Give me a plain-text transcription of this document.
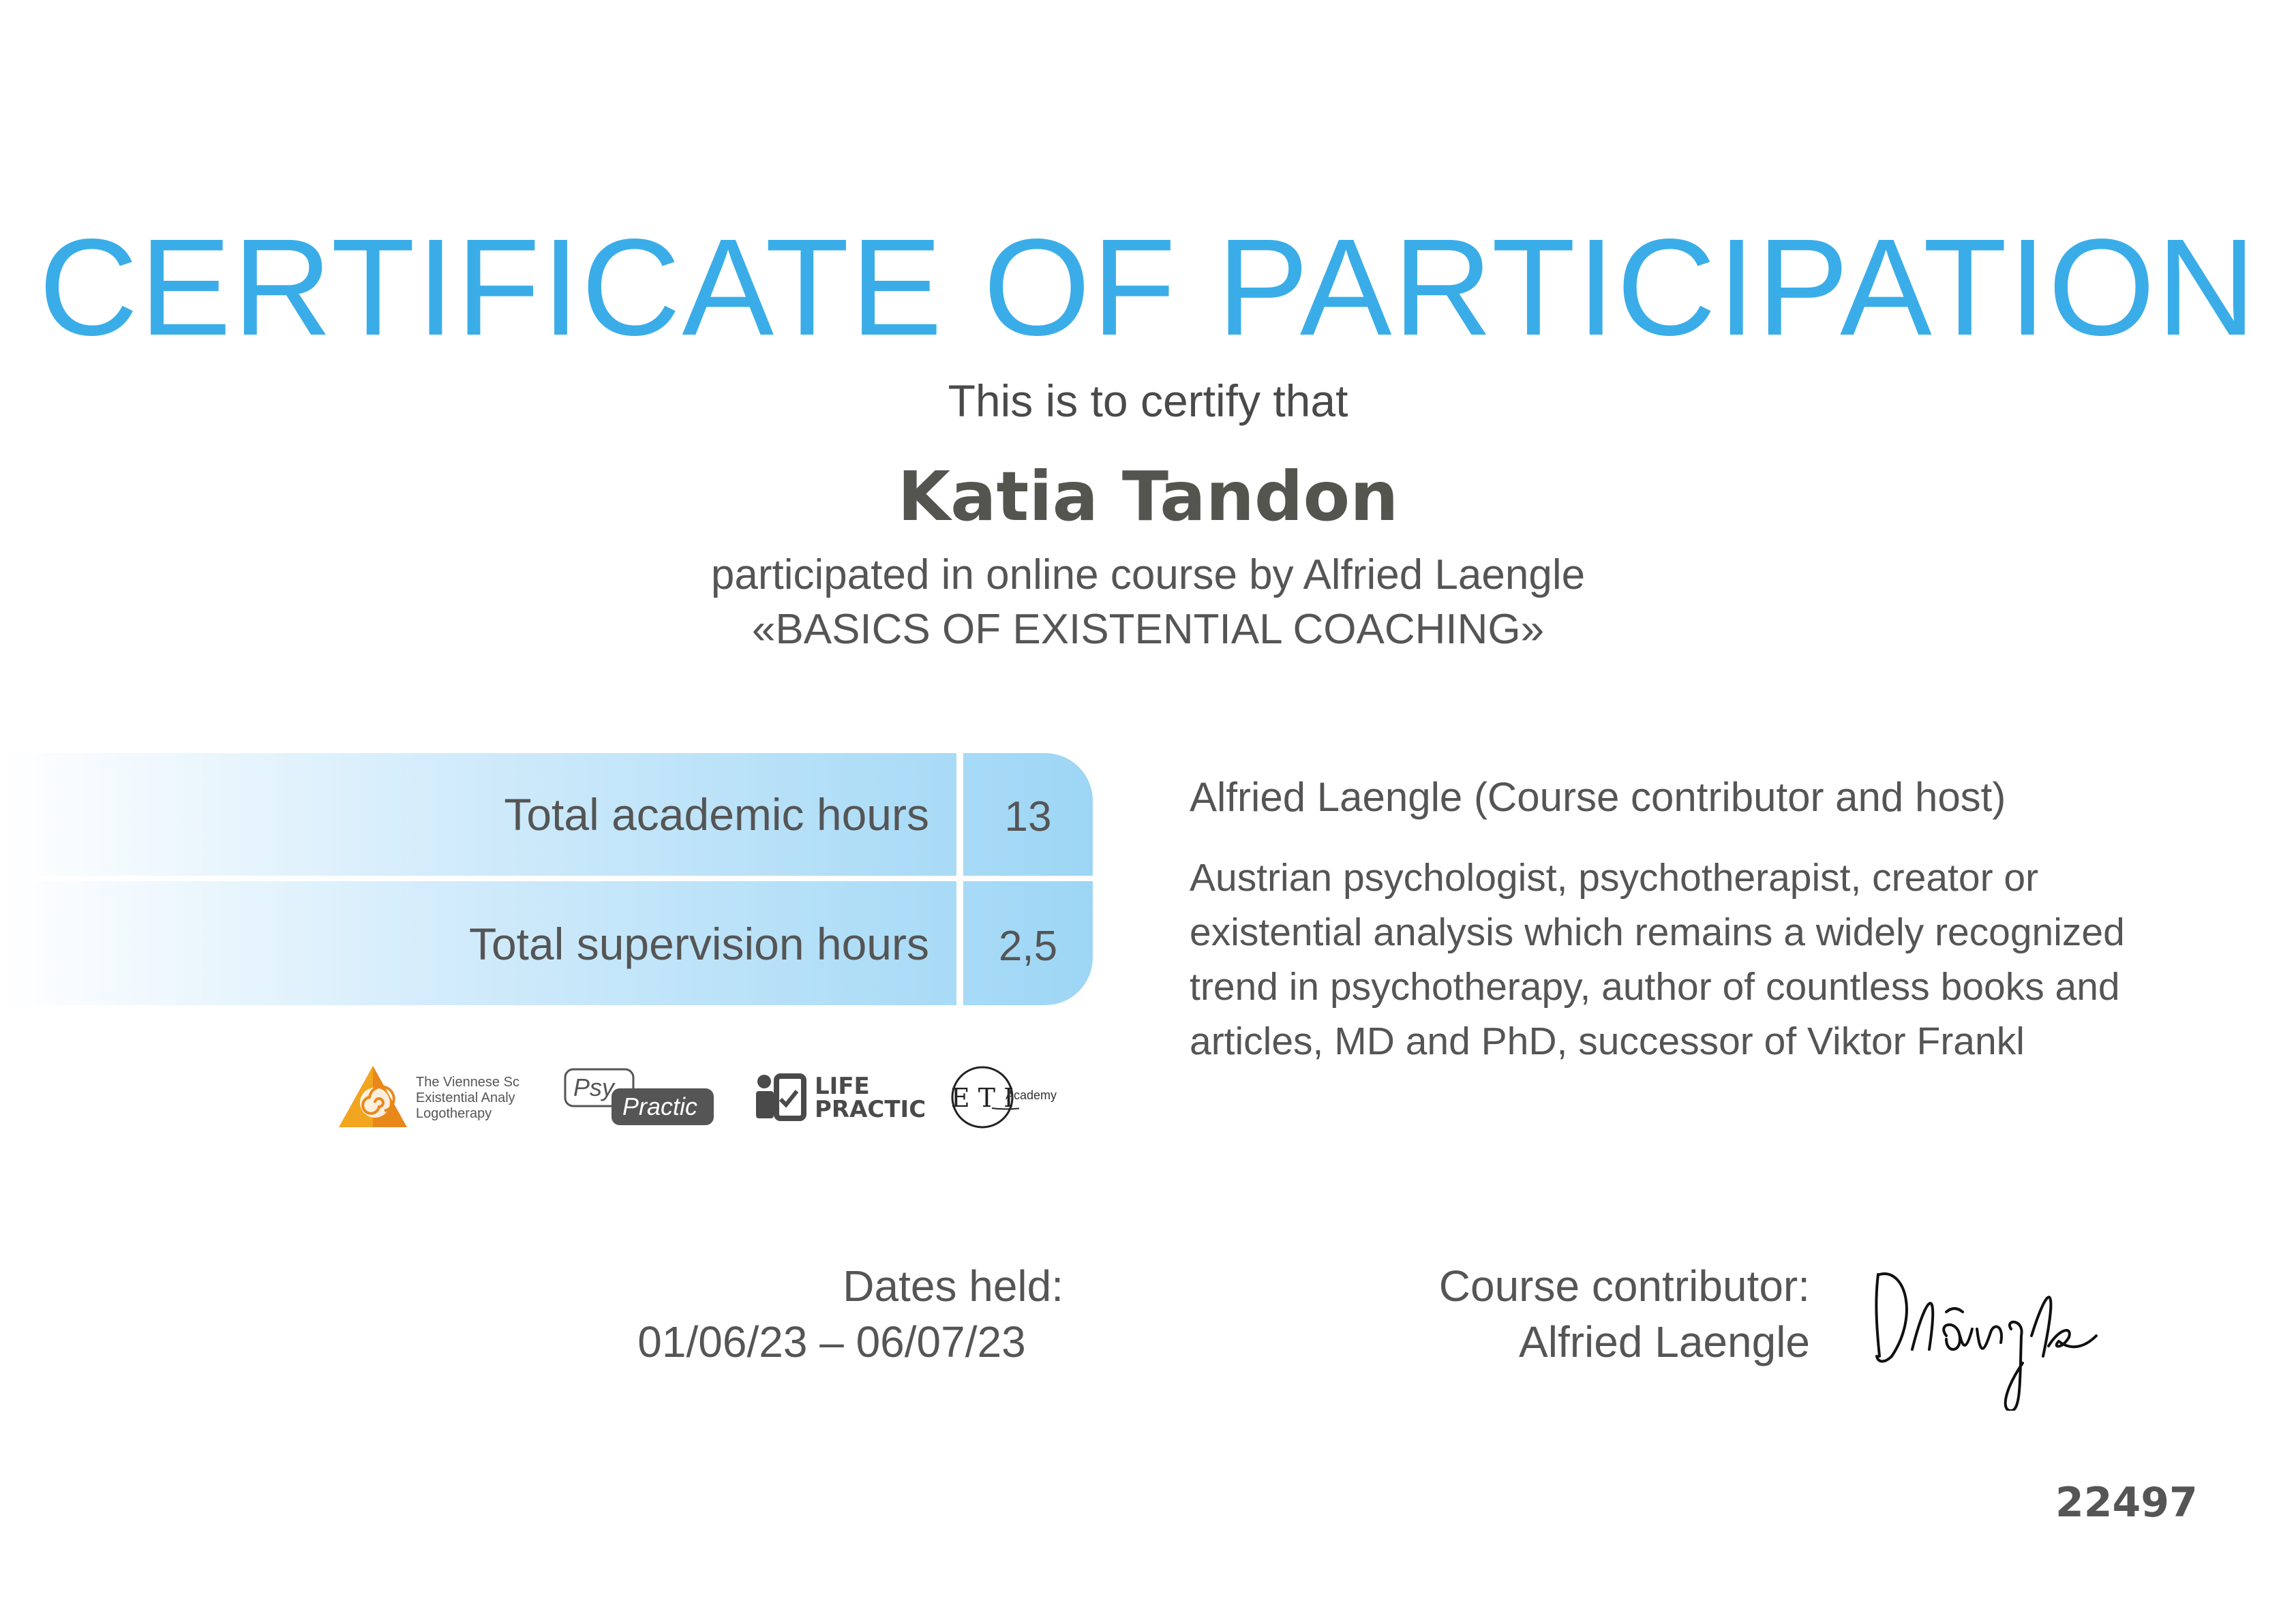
CERTIFICATE OF PARTICIPATION
This is to certify that
Katia Tandon
participated in online course by Alfried Laengle
«BASICS OF EXISTENTIAL COACHING»
Total academic hours	13
Total supervision hours	2,5
The Viennese Sc
Existential Analy
Logotherapy
Psy
Practic
LIFE
PRACTIC E T I
Academy
Alfried Laengle (Course contributor and host)
Austrian psychologist, psychotherapist, creator or existential analysis which remains a widely recognized trend in psychotherapy, author of countless books and articles, MD and PhD, successor of Viktor Frankl
Dates held:
01/06/23 – 06/07/23
Course contributor:
Alfried Laengle
22497
